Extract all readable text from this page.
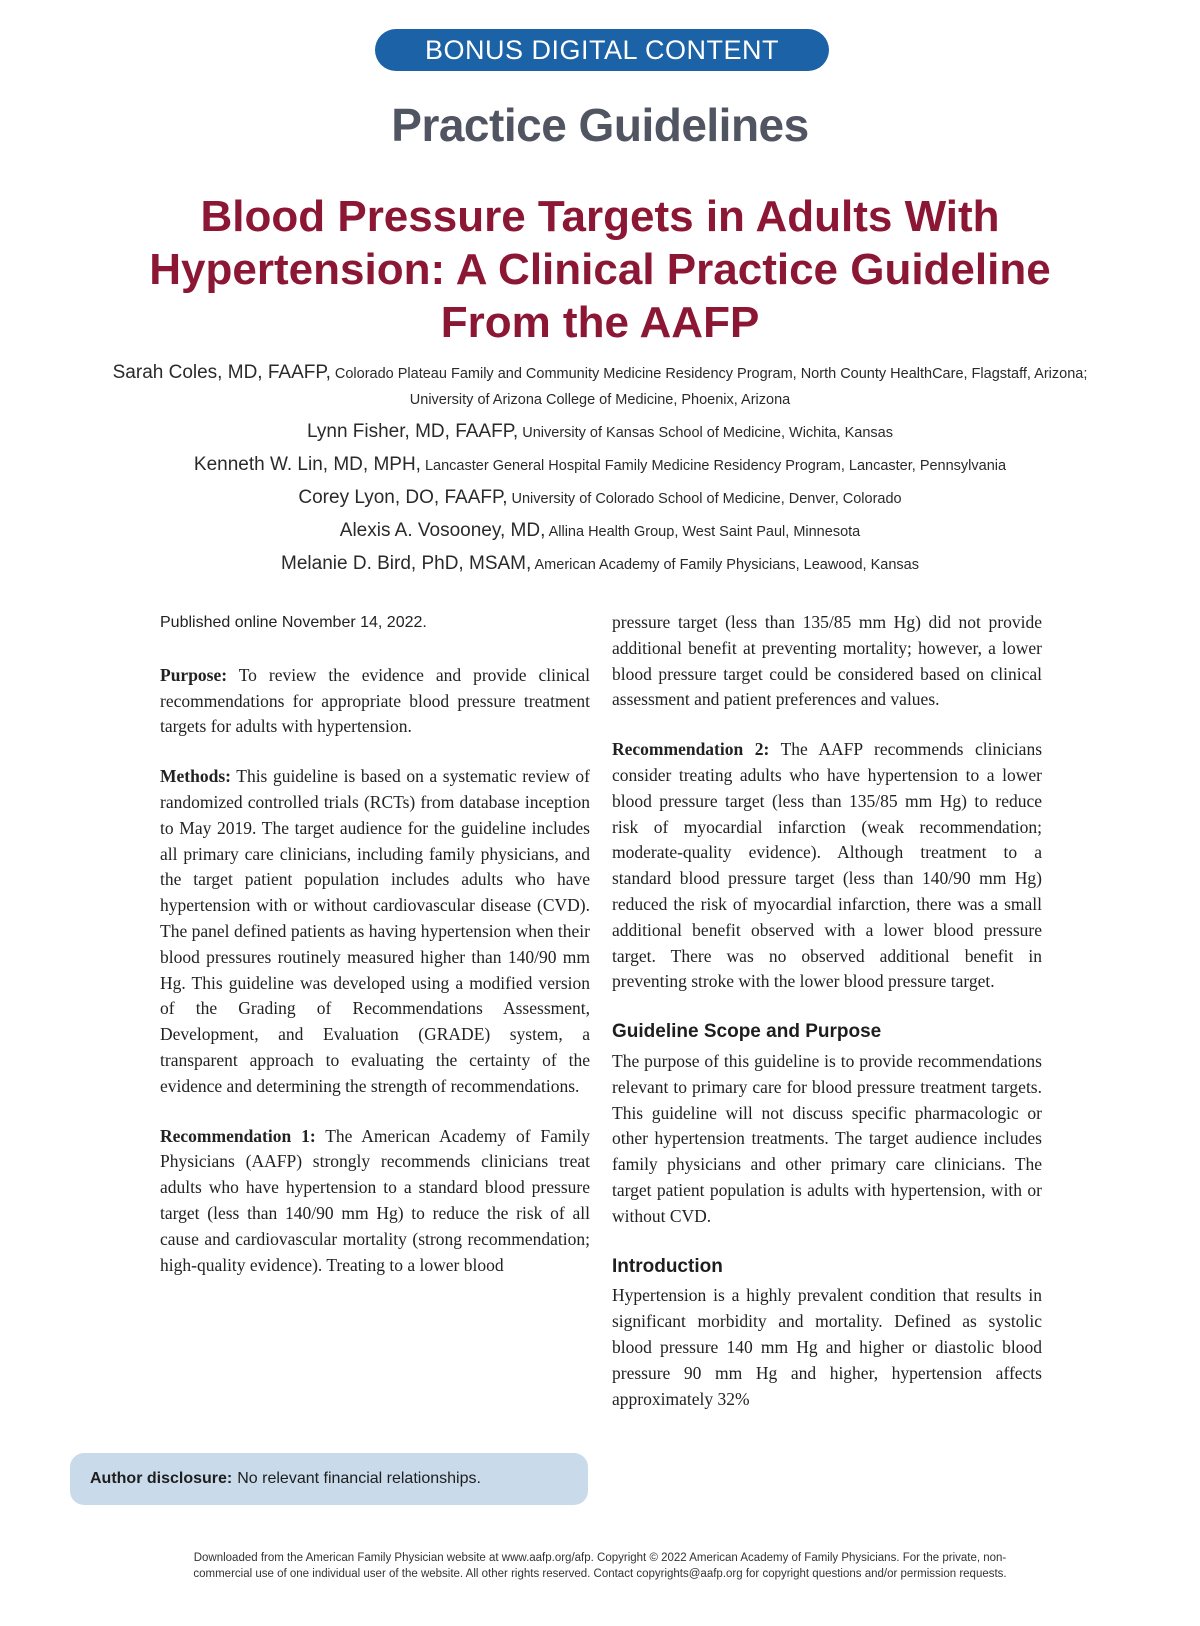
BONUS DIGITAL CONTENT
Practice Guidelines
Blood Pressure Targets in Adults With Hypertension: A Clinical Practice Guideline From the AAFP
Sarah Coles, MD, FAAFP, Colorado Plateau Family and Community Medicine Residency Program, North County HealthCare, Flagstaff, Arizona; University of Arizona College of Medicine, Phoenix, Arizona
Lynn Fisher, MD, FAAFP, University of Kansas School of Medicine, Wichita, Kansas
Kenneth W. Lin, MD, MPH, Lancaster General Hospital Family Medicine Residency Program, Lancaster, Pennsylvania
Corey Lyon, DO, FAAFP, University of Colorado School of Medicine, Denver, Colorado
Alexis A. Vosooney, MD, Allina Health Group, West Saint Paul, Minnesota
Melanie D. Bird, PhD, MSAM, American Academy of Family Physicians, Leawood, Kansas

Published online November 14, 2022.

Purpose: To review the evidence and provide clinical recommendations for appropriate blood pressure treatment targets for adults with hypertension.

Methods: This guideline is based on a systematic review of randomized controlled trials (RCTs) from database inception to May 2019. The target audience for the guideline includes all primary care clinicians, including family physicians, and the target patient population includes adults who have hypertension with or without cardiovascular disease (CVD). The panel defined patients as having hypertension when their blood pressures routinely measured higher than 140/90 mm Hg. This guideline was developed using a modified version of the Grading of Recommendations Assessment, Development, and Evaluation (GRADE) system, a transparent approach to evaluating the certainty of the evidence and determining the strength of recommendations.

Recommendation 1: The American Academy of Family Physicians (AAFP) strongly recommends clinicians treat adults who have hypertension to a standard blood pressure target (less than 140/90 mm Hg) to reduce the risk of all cause and cardiovascular mortality (strong recommendation; high-quality evidence). Treating to a lower blood

pressure target (less than 135/85 mm Hg) did not provide additional benefit at preventing mortality; however, a lower blood pressure target could be considered based on clinical assessment and patient preferences and values.

Recommendation 2: The AAFP recommends clinicians consider treating adults who have hypertension to a lower blood pressure target (less than 135/85 mm Hg) to reduce risk of myocardial infarction (weak recommendation; moderate-quality evidence). Although treatment to a standard blood pressure target (less than 140/90 mm Hg) reduced the risk of myocardial infarction, there was a small additional benefit observed with a lower blood pressure target. There was no observed additional benefit in preventing stroke with the lower blood pressure target.

Guideline Scope and Purpose

The purpose of this guideline is to provide recommendations relevant to primary care for blood pressure treatment targets. This guideline will not discuss specific pharmacologic or other hypertension treatments. The target audience includes family physicians and other primary care clinicians. The target patient population is adults with hypertension, with or without CVD.

Introduction

Hypertension is a highly prevalent condition that results in significant morbidity and mortality. Defined as systolic blood pressure 140 mm Hg and higher or diastolic blood pressure 90 mm Hg and higher, hypertension affects approximately 32%

Author disclosure: No relevant financial relationships.
Downloaded from the American Family Physician website at www.aafp.org/afp. Copyright © 2022 American Academy of Family Physicians. For the private, non-
commercial use of one individual user of the website. All other rights reserved. Contact copyrights@aafp.org for copyright questions and/or permission requests.
